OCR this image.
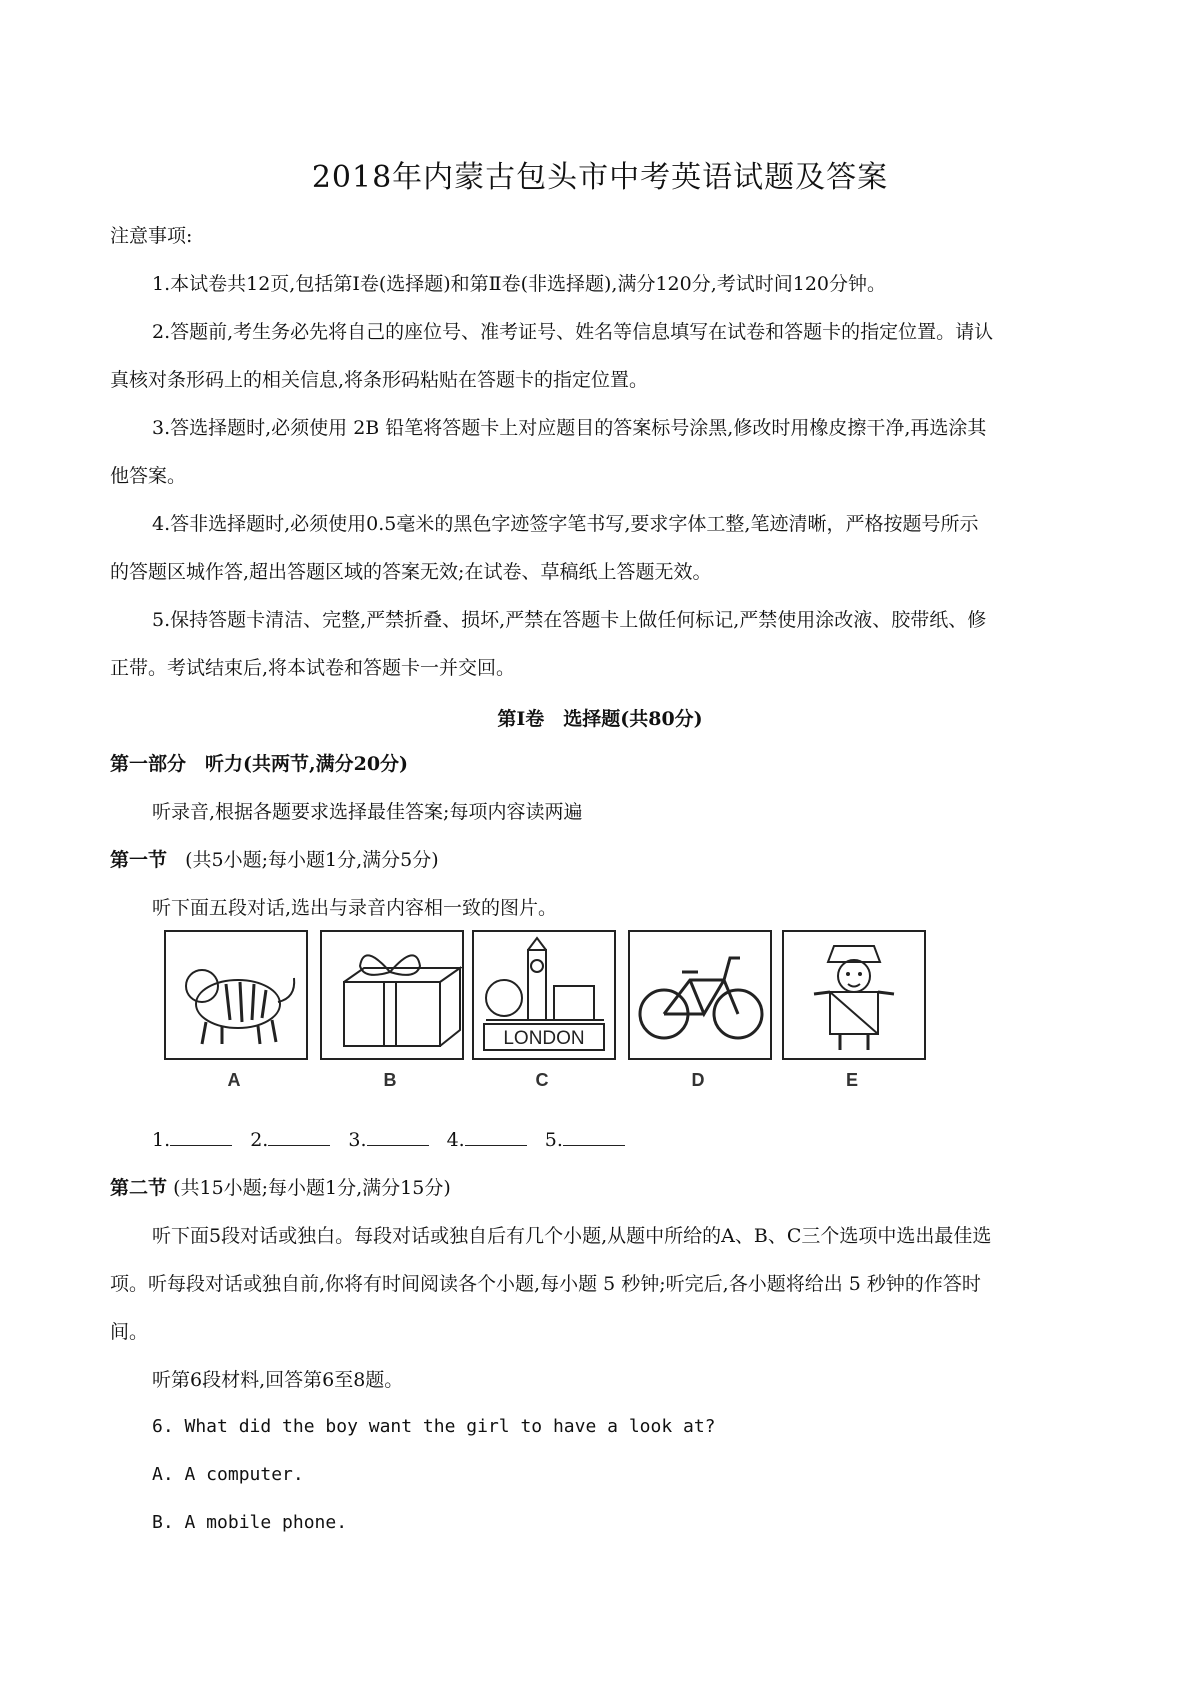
2018年内蒙古包头市中考英语试题及答案
注意事项:
1.本试卷共12页,包括第Ⅰ卷(选择题)和第Ⅱ卷(非选择题),满分120分,考试时间120分钟。
2.答题前,考生务必先将自己的座位号、准考证号、姓名等信息填写在试卷和答题卡的指定位置。请认
真核对条形码上的相关信息,将条形码粘贴在答题卡的指定位置。
3.答选择题时,必须使用 2B 铅笔将答题卡上对应题目的答案标号涂黑,修改时用橡皮擦干净,再选涂其
他答案。
4.答非选择题时,必须使用0.5毫米的黑色字迹签字笔书写,要求字体工整,笔迹清晰，严格按题号所示
的答题区城作答,超出答题区域的答案无效;在试卷、草稿纸上答题无效。
5.保持答题卡清洁、完整,严禁折叠、损坏,严禁在答题卡上做任何标记,严禁使用涂改液、胶带纸、修
正带。考试结束后,将本试卷和答题卡一并交回。
第Ⅰ卷　选择题(共80分)
第一部分　听力(共两节,满分20分)
听录音,根据各题要求选择最佳答案;每项内容读两遍
第一节 (共5小题;每小题1分,满分5分)
听下面五段对话,选出与录音内容相一致的图片。
A	B
LONDON
C	D	E
1.	2.	3.	4.	5.
第二节 (共15小题;每小题1分,满分15分)
听下面5段对话或独白。每段对话或独自后有几个小题,从题中所给的A、B、C三个选项中选出最佳选
项。听每段对话或独自前,你将有时间阅读各个小题,每小题 5 秒钟;听完后,各小题将给出 5 秒钟的作答时
间。
听第6段材料,回答第6至8题。
6. What did the boy want the girl to have a look at?
A. A computer.
B. A mobile phone.
